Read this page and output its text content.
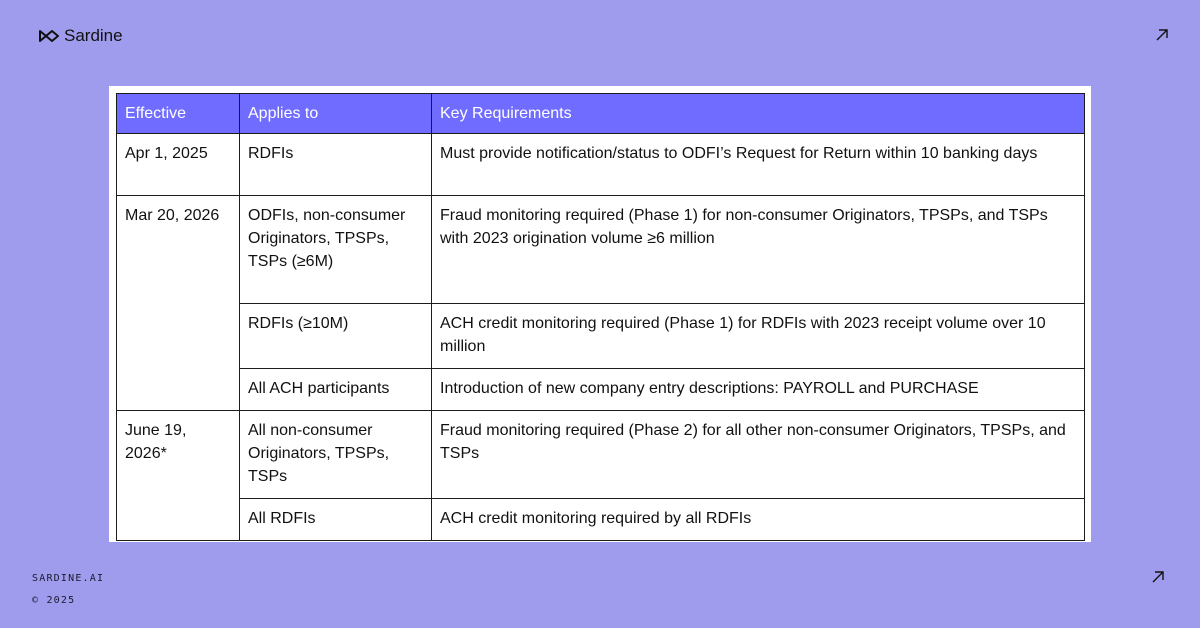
Sardine
Effective	Applies to	Key Requirements
Apr 1, 2025	RDFIs	Must provide notification/status to ODFI’s Request for Return within 10 banking days
Mar 20, 2026	ODFIs, non-consumer Originators, TPSPs, TSPs (≥6M)	Fraud monitoring required (Phase 1) for non-consumer Originators, TPSPs, and TSPs with 2023 origination volume ≥6 million
	RDFIs (≥10M)	ACH credit monitoring required (Phase 1) for RDFIs with 2023 receipt volume over 10 million
	All ACH participants	Introduction of new company entry descriptions: PAYROLL and PURCHASE
June 19, 2026*	All non-consumer Originators, TPSPs, TSPs	Fraud monitoring required (Phase 2) for all other non-consumer Originators, TPSPs, and TSPs
	All RDFIs	ACH credit monitoring required by all RDFIs
SARDINE.AI
© 2025
